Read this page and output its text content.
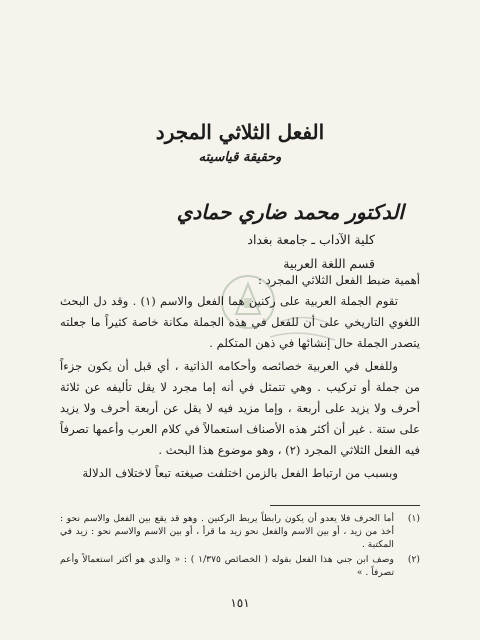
الفعل الثلاثي المجرد
وحقيقة قياسيته
الدكتور محمد ضاري حمادي
كلية الآداب ـ جامعة بغداد
قسم اللغة العربية

أهمية ضبط الفعل الثلاثي المجرد :

تقوم الجملة العربية على ركنين هما الفعل والاسم (١) . وقد دل البحث اللغوي التاريخي على أن للفعل في هذه الجملة مكانة خاصة كثيراً ما جعلته يتصدر الجملة حال إنشائها في ذهن المتكلم .

وللفعل في العربية خصائصه وأحكامه الذاتية ، أي قبل أن يكون جزءاً من جملة أو تركيب . وهي تتمثل في أنه إما مجرد لا يقل تأليفه عن ثلاثة أحرف ولا يزيد على أربعة ، وإما مزيد فيه لا يقل عن أربعة أحرف ولا يزيد على ستة . غير أن أكثر هذه الأصناف استعمالاً في كلام العرب وأعمها تصرفاً فيه الفعل الثلاثي المجرد (٢) ، وهو موضوع هذا البحث .

وبسبب من ارتباط الفعل بالزمن اختلفت صيغته تبعاً لاختلاف الدلالة

(١)
أما الحرف فلا يعدو أن يكون رابطاً يربط الركنين . وهو قد يقع بين الفعل والاسم نحو : أخذ من زيد ، أو بين الاسم والفعل نحو زيد ما قرأ ، أو بين الاسم والاسم نحو : زيد في المكتبة .
(٢)
وصف ابن جني هذا الفعل بقوله ( الخصائص ١/٣٧٥ ) : « والذي هو أكثر استعمالاً وأعم تصرفاً . »
١٥١
